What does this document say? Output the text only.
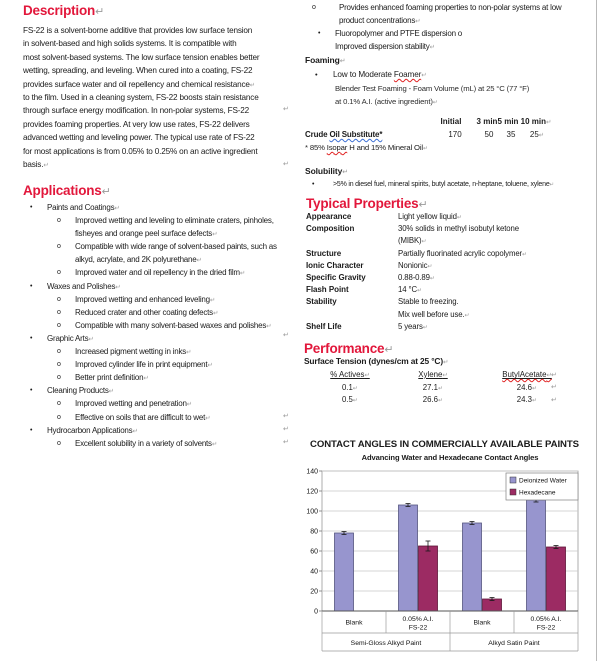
Description↵
FS-22 is a solvent-borne additive that provides low surface tension
in solvent-based and high solids systems. It is compatible with
most solvent-based systems. The low surface tension enables better
wetting, spreading, and leveling. When cured into a coating, FS-22
provides surface water and oil repellency and chemical resistance↵
to the film. Used in a cleaning system, FS-22 boosts stain resistance
through surface energy modification. In non-polar systems, FS-22
provides foaming properties. At very low use rates, FS-22 delivers
advanced wetting and leveling power. The typical use rate of FS-22
for most applications is from 0.05% to 0.25% on an active ingredient
basis.↵
Applications↵
• Paints and Coatings↵
o Improved wetting and leveling to eliminate craters, pinholes,
fisheyes and orange peel surface defects↵
o Compatible with wide range of solvent-based paints, such as
alkyd, acrylate, and 2K polyurethane↵
o Improved water and oil repellency in the dried film↵
• Waxes and Polishes↵
o Improved wetting and enhanced leveling↵
o Reduced crater and other coating defects↵
o Compatible with many solvent-based waxes and polishes↵
• Graphic Arts↵
o Increased pigment wetting in inks↵
o Improved cylinder life in print equipment↵
o Better print definition↵
• Cleaning Products↵
o Improved wetting and penetration↵
o Effective on soils that are difficult to wet↵
• Hydrocarbon Applications↵
o Excellent solubility in a variety of solvents↵
o	Provides enhanced foaming properties to non-polar systems at low
product concentrations↵
• Fluoropolymer and PTFE dispersion o
Improved dispersion stability↵
Foaming↵
• Low to Moderate Foamer↵
Blender Test Foaming - Foam Volume (mL) at 25 °C (77 °F)
at 0.1% A.I. (active ingredient)↵
Initial 3 min 5 min 10 min↵
Crude Oil Substitute*	170	50 35 25↵
* 85% Isopar H and 15% Mineral Oil↵
Solubility↵
•	>5% in diesel fuel, mineral spirits, butyl acetate, n-heptane, toluene, xylene↵
Typical Properties↵
Appearance	Light yellow liquid↵
Composition	30% solids in methyl isobutyl ketone
(MIBK)↵
Structure	Partially fluorinated acrylic copolymer↵
Ionic Character	Nonionic↵
Specific Gravity	0.88-0.89↵
Flash Point	14 °C↵
Stability	Stable to freezing.
Mix well before use.↵
Shelf Life	5 years↵
Performance↵
Surface Tension (dynes/cm at 25 °C)↵
% Actives↵	Xylene↵	ButylAcetate↵
0.1↵	27.1↵	24.6↵
0.5↵	26.6↵	24.3↵
CONTACT ANGLES IN COMMERCIALLY AVAILABLE PAINTS
Advancing Water and Hexadecane Contact Angles
0
20
40
60
80
100
120
140
Blank	0.05% A.I.
FS-22
Blank	0.05% A.I.
FS-22
Semi-Gloss Alkyd Paint	Alkyd Satin Paint
Deionized Water
Hexadecane
↵
↵
↵
↵
↵
↵
↵
↵
↵
